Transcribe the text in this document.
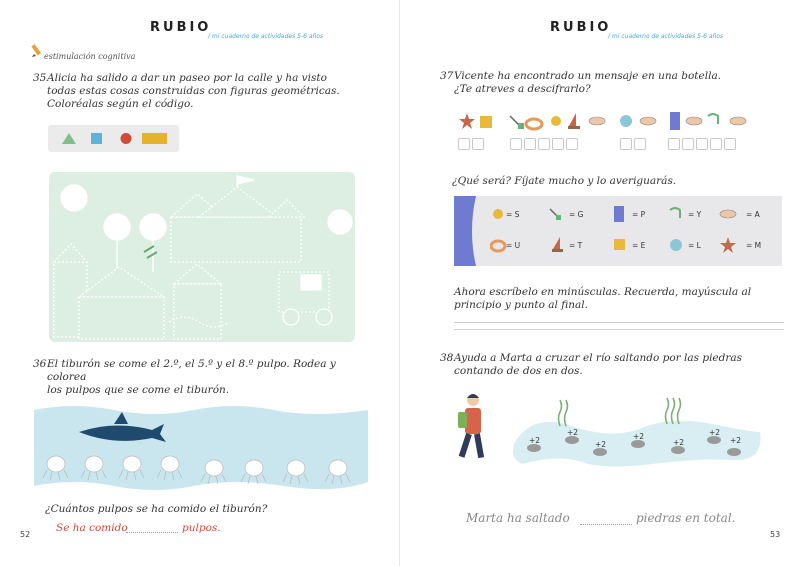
RUBIO
/ mi cuaderno de actividades 5-6 años
estimulación cognitiva
35 Alicia ha salido a dar un paseo por la calle y ha visto
todas estas cosas construidas con figuras geométricas.
Coloréalas según el código.
36 El tiburón se come el 2.º, el 5.º y el 8.º pulpo. Rodea y colorea
los pulpos que se come el tiburón.
¿Cuántos pulpos se ha comido el tiburón?
Se ha comido	pulpos.
52
RUBIO
/ mi cuaderno de actividades 5-6 años
37 Vicente ha encontrado un mensaje en una botella.
¿Te atreves a descifrarlo?
¿Qué será? Fíjate mucho y lo averiguarás.
= S	= G	= P	= Y	= A
= U	= T	= E	= L	= M
Ahora escríbelo en minúsculas. Recuerda, mayúscula al
principio y punto al final.
38 Ayuda a Marta a cruzar el río saltando por las piedras
contando de dos en dos.
+2
+2
+2
+2
+2
+2
+2
Marta ha saltado	piedras en total.
53
